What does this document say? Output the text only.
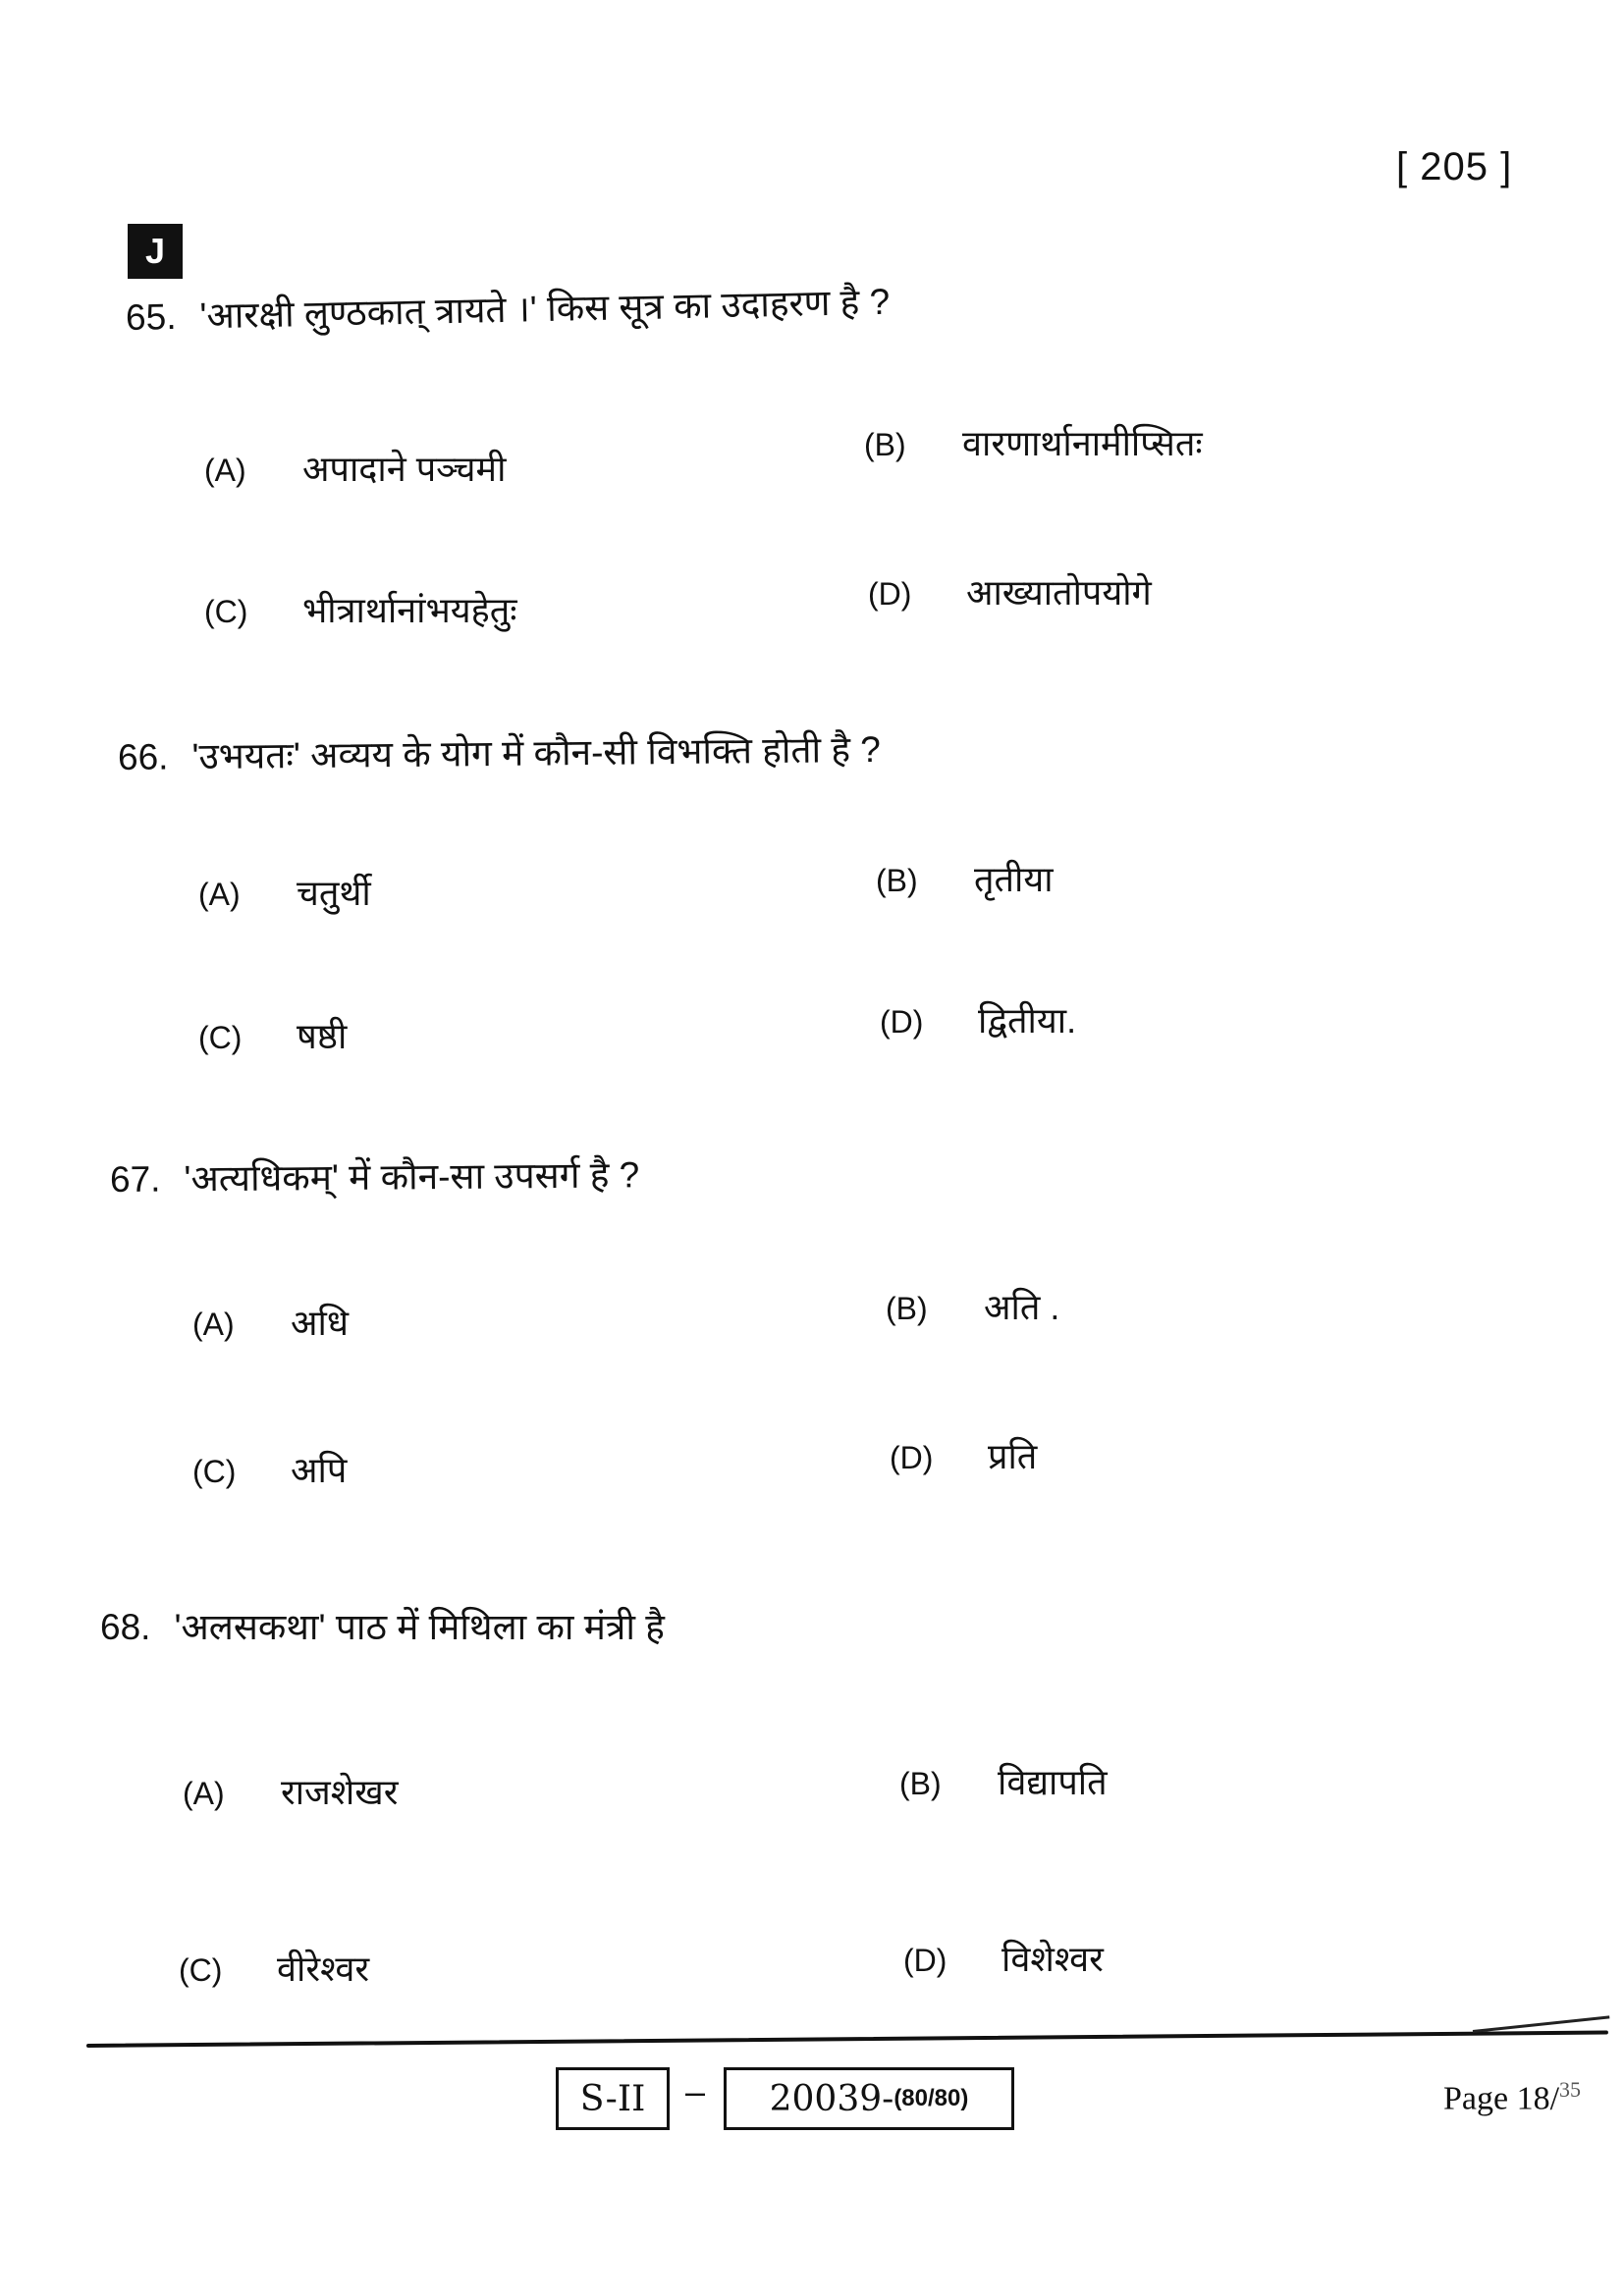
[ 205 ]
J
65. 'आरक्षी लुण्ठकात् त्रायते ।' किस सूत्र का उदाहरण है ?
(A) अपादाने पञ्चमी
(B) वारणार्थानामीप्सितः
(C) भीत्रार्थानांभयहेतुः	(D) आख्यातोपयोगे
66. 'उभयतः' अव्यय के योग में कौन-सी विभक्ति होती है ?
(A) चतुर्थी	(B) तृतीया
(C) षष्ठी	(D) द्वितीया.
67. 'अत्यधिकम्' में कौन-सा उपसर्ग है ?
(A) अधि	(B) अति .
(C) अपि	(D) प्रति
68. 'अलसकथा' पाठ में मिथिला का मंत्री है
(A) राजशेखर	(B) विद्यापति
(C) वीरेश्वर	(D) विशेश्वर
S-II – 20039- (80/80)	Page 18/$^{35}$
